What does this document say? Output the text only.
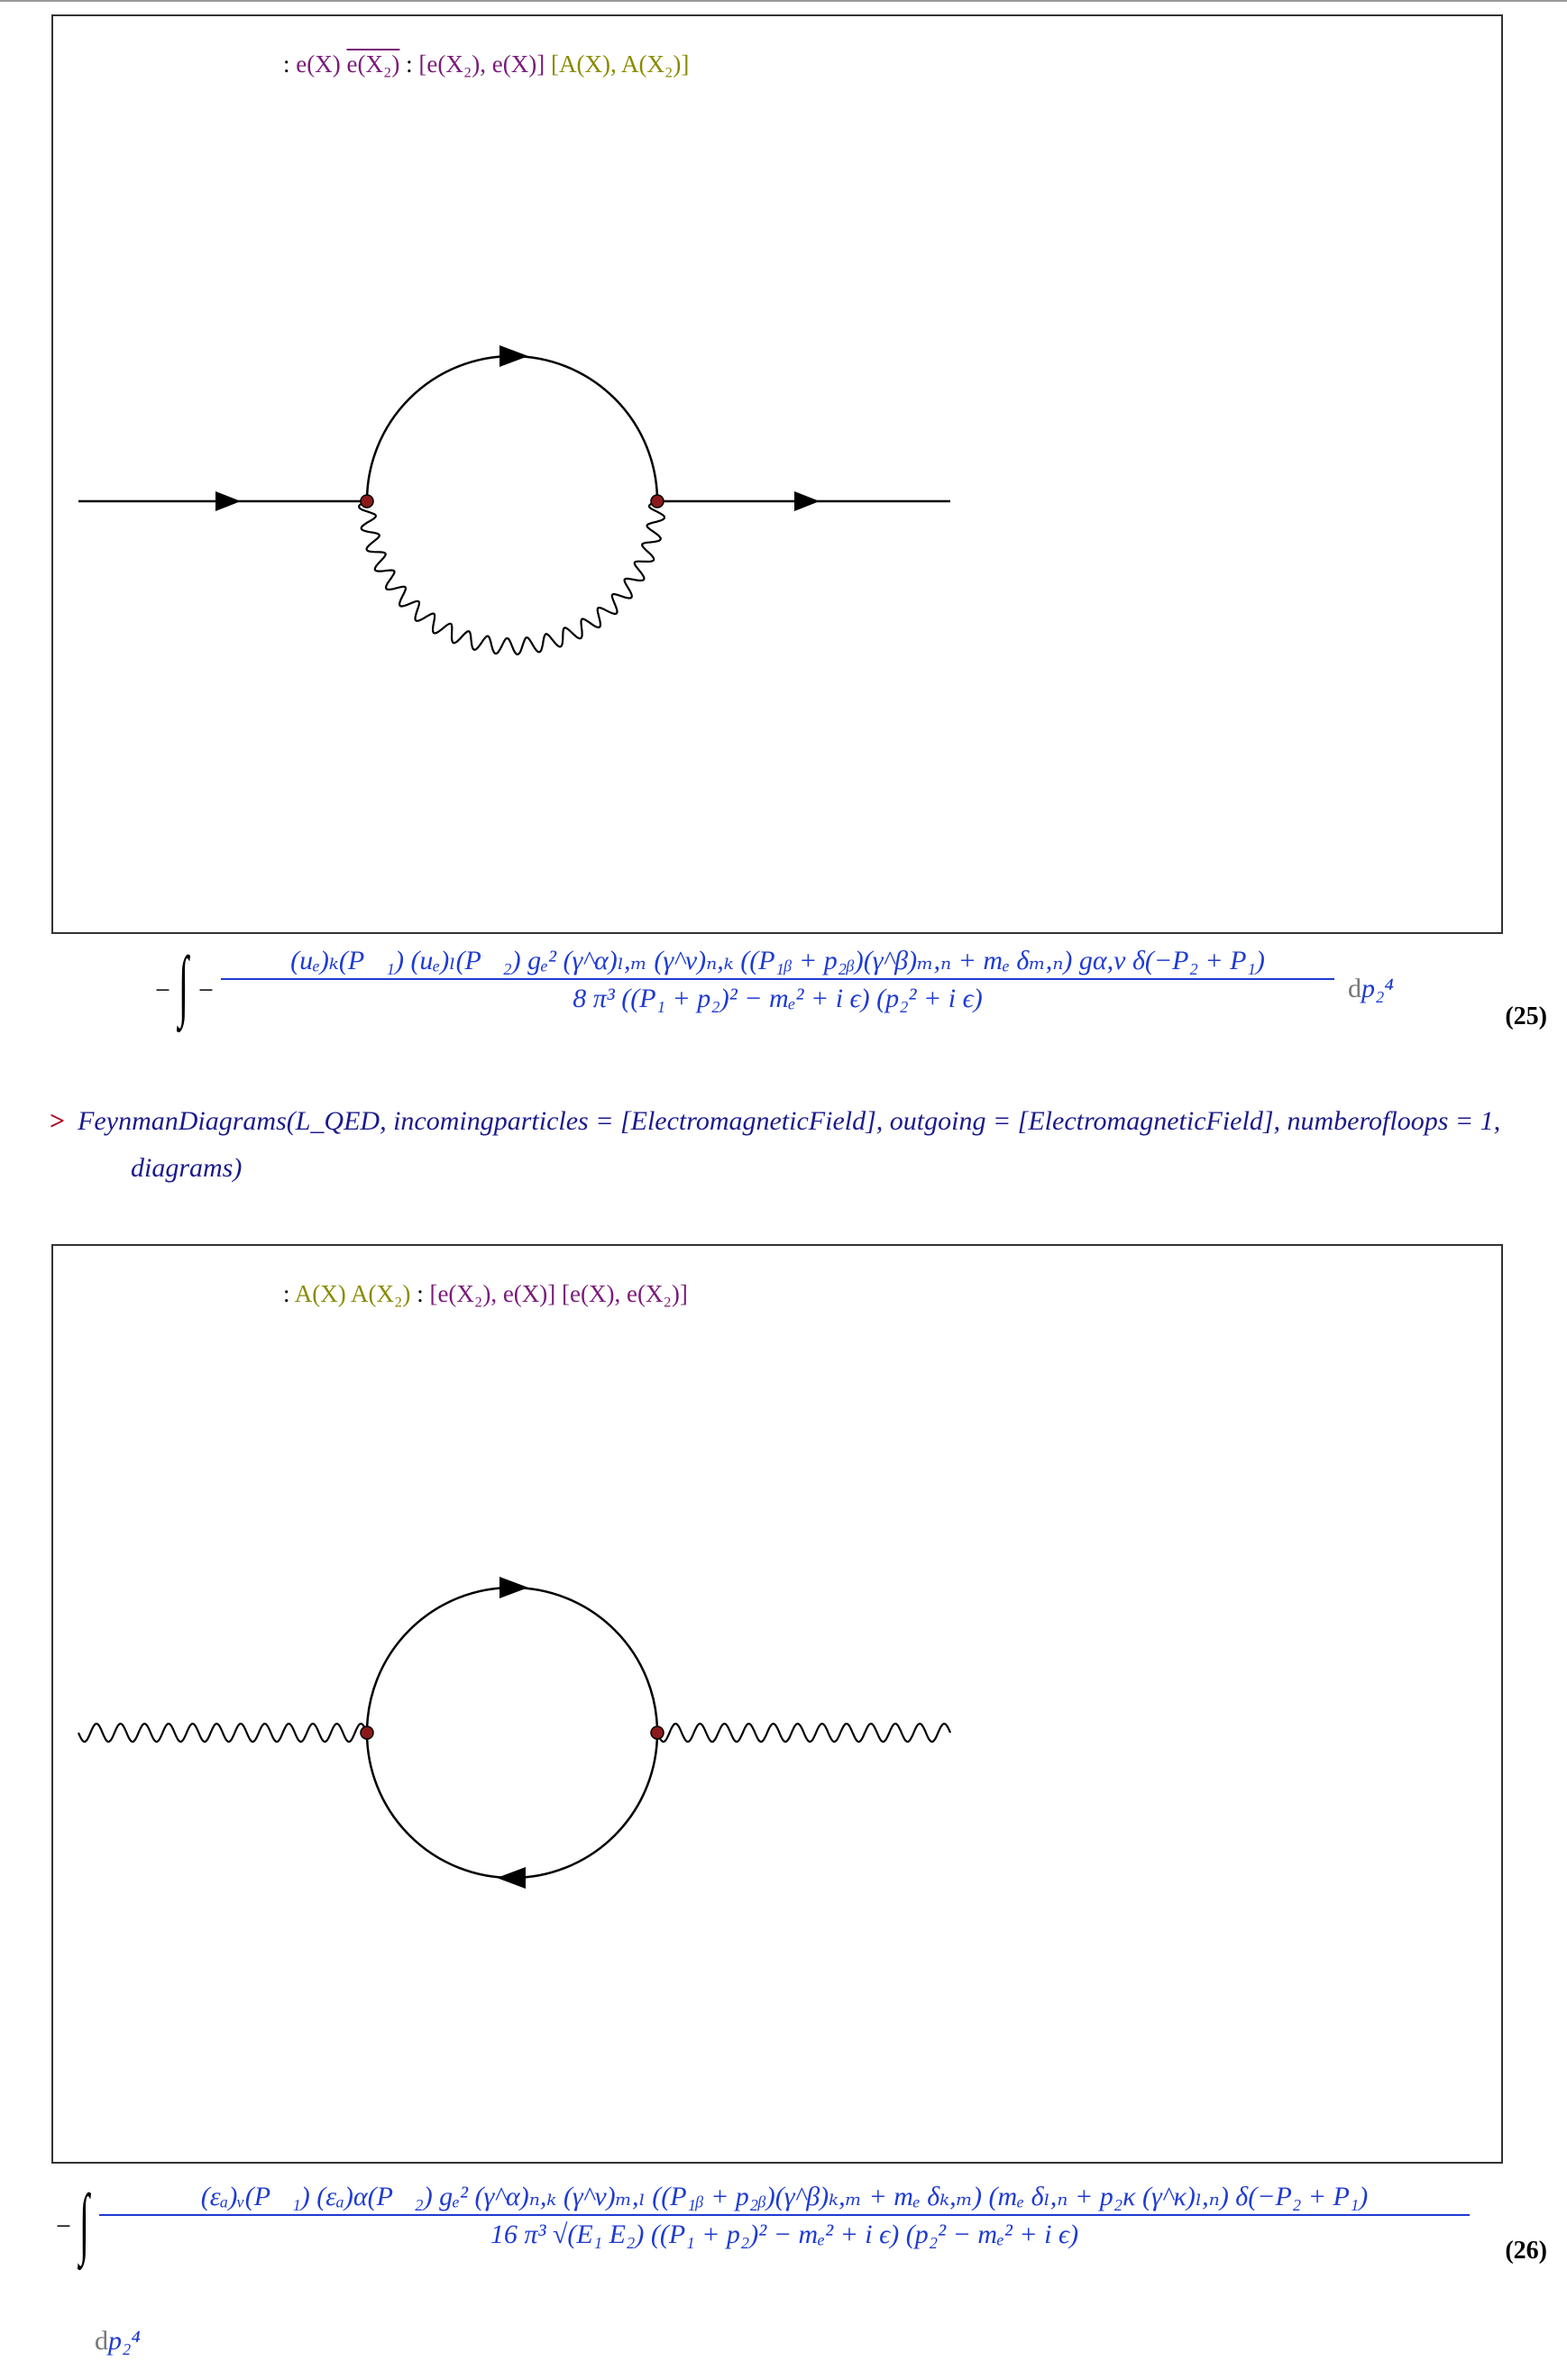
: e(X) e(X₂) : [e(X₂), e(X)] [A(X), A(X₂)]
− ∫ −
(uₑ)ₖ(P⃗₁) (uₑ)ₗ(P⃗₂) gₑ² (γ^α)ₗ,ₘ (γ^ν)ₙ,ₖ ((P₁ᵦ + p₂ᵦ)(γ^β)ₘ,ₙ + mₑ δₘ,ₙ) gα,ν δ(−P₂ + P₁)
8 π³ ((P₁ + p₂)² − mₑ² + i ϵ) (p₂² + i ϵ)	dp₂⁴
(25)
> FeynmanDiagrams(L_QED, incomingparticles = [ElectromagneticField], outgoing = [ElectromagneticField], numberofloops = 1,
diagrams)
: A(X) A(X₂) : [e(X₂), e(X)] [e(X), e(X₂)]
− ∫	(εₐ)ᵥ(P⃗₁) (εₐ)α(P⃗₂) gₑ² (γ^α)ₙ,ₖ (γ^ν)ₘ,ₗ ((P₁ᵦ + p₂ᵦ)(γ^β)ₖ,ₘ + mₑ δₖ,ₘ) (mₑ δₗ,ₙ + p₂κ (γ^κ)ₗ,ₙ) δ(−P₂ + P₁)
16 π³ √(E₁ E₂) ((P₁ + p₂)² − mₑ² + i ϵ) (p₂² − mₑ² + i ϵ)
dp₂⁴
(26)
